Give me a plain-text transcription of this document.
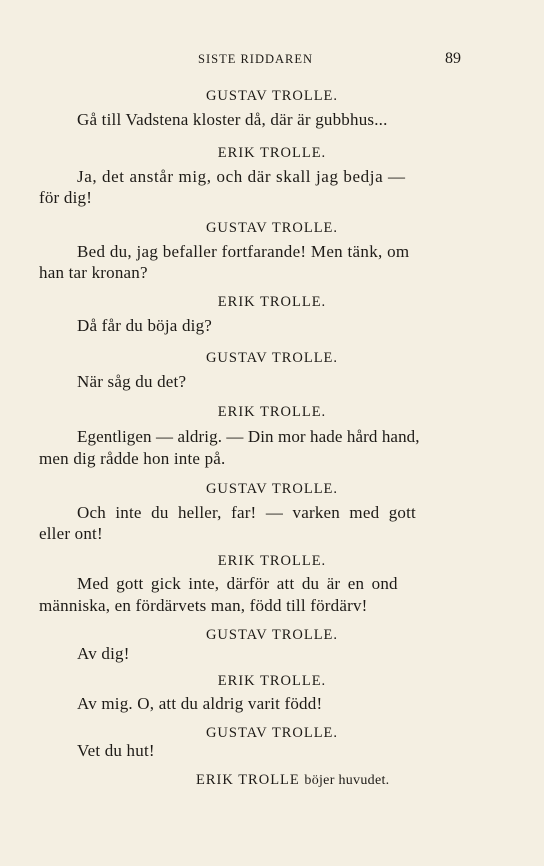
SISTE RIDDAREN	89
GUSTAV TROLLE.
Gå till Vadstena kloster då, där är gubbhus...
ERIK TROLLE.
Ja, det anstår mig, och där skall jag bedja —
för dig!
GUSTAV TROLLE.
Bed du, jag befaller fortfarande! Men tänk, om
han tar kronan?
ERIK TROLLE.
Då får du böja dig?
GUSTAV TROLLE.
När såg du det?
ERIK TROLLE.
Egentligen — aldrig. — Din mor hade hård hand,
men dig rådde hon inte på.
GUSTAV TROLLE.
Och inte du heller, far! — varken med gott
eller ont!
ERIK TROLLE.
Med gott gick inte, därför att du är en ond
människa, en fördärvets man, född till fördärv!
GUSTAV TROLLE.
Av dig!
ERIK TROLLE.
Av mig. O, att du aldrig varit född!
GUSTAV TROLLE.
Vet du hut!
ERIK TROLLE böjer huvudet.
